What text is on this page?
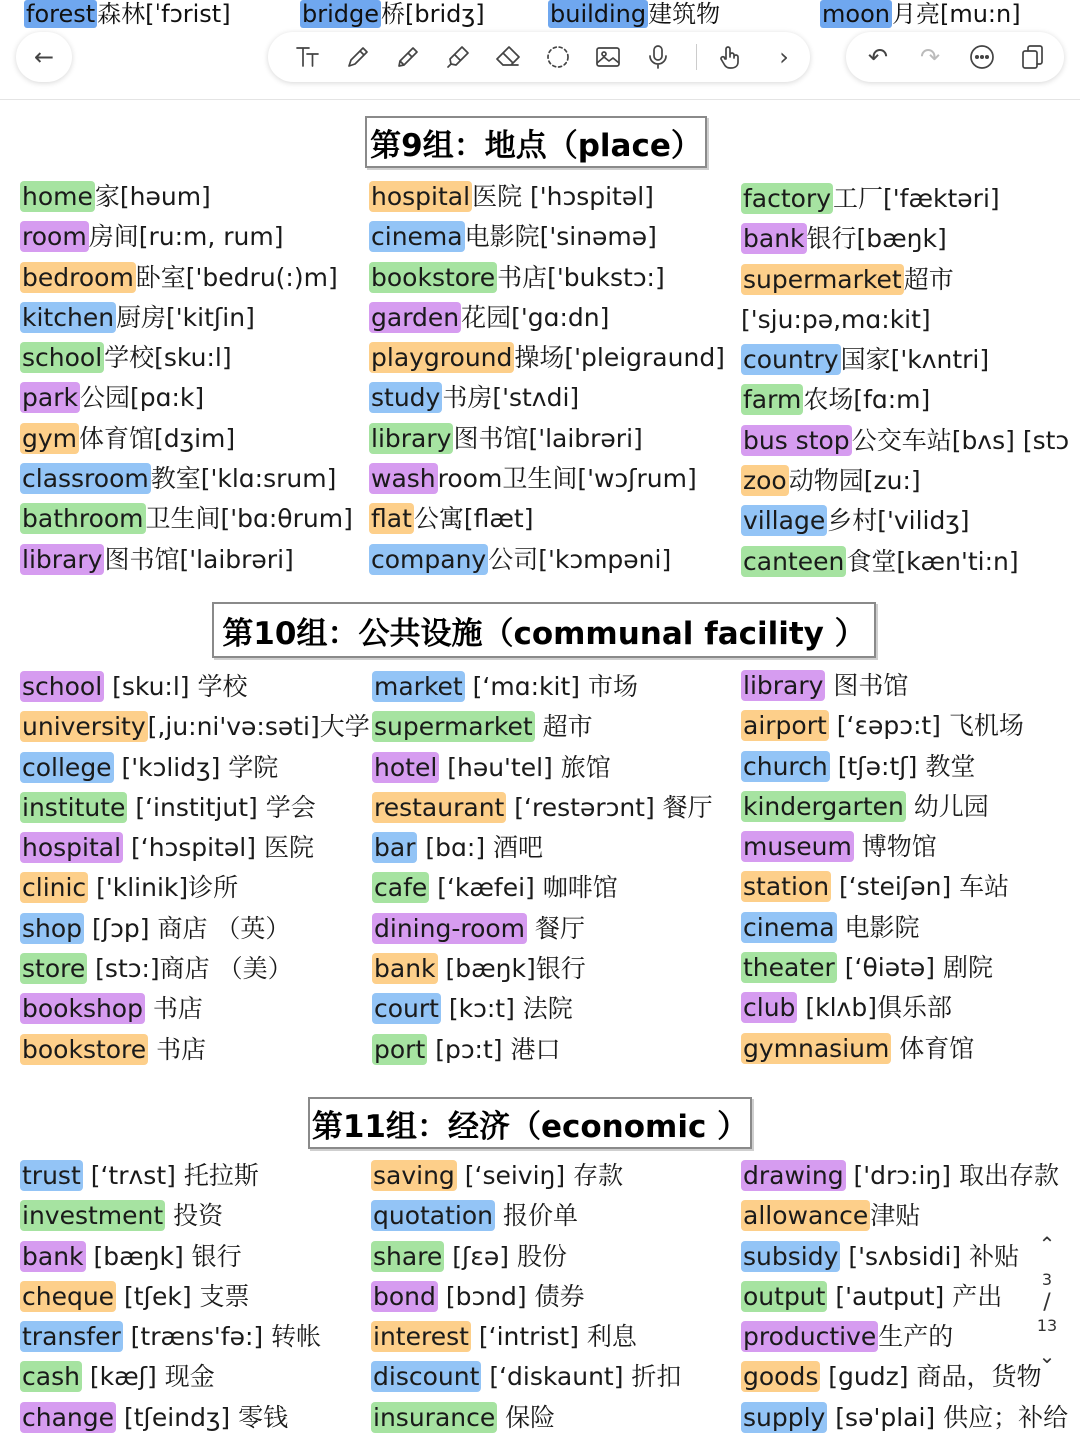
forest森林[ˈfɔrist]	bridge桥[bridʒ]	building建筑物	moon月亮[mu:n]
←	›	↶	↷
第9组：地点（place）
home家[həum]
room房间[ru:m, rum]
bedroom卧室['bedru(:)m]
kitchen厨房['kitʃin]
school学校[sku:l]
park公园[pɑ:k]
gym体育馆[dʒim]
classroom教室['klɑ:srum]
bathroom卫生间['bɑ:θrum]
library图书馆['laibrəri]
hospital医院 ['hɔspitəl]
cinema电影院['sinəmə]
bookstore书店['bukstɔ:]
garden花园['gɑ:dn]
playground操场['pleigraund]
study书房['stʌdi]
library图书馆['laibrəri]
washroom卫生间['wɔʃrum]
flat公寓[flæt]
company公司['kɔmpəni]
factory工厂['fæktəri]
bank银行[bæŋk]
supermarket超市
['sju:pə,mɑ:kit]
country国家['kʌntri]
farm农场[fɑ:m]
bus stop公交车站[bʌs] [stɔ
zoo动物园[zu:]
village乡村['vilidʒ]
canteen食堂[kæn'ti:n]
第10组：公共设施（communal facility ）
school [sku:l] 学校
university[,ju:ni'və:səti]大学
college ['kɔlidʒ] 学院
institute [‘institjut] 学会
hospital [‘hɔspitəl] 医院
clinic ['klinik]诊所
shop [ʃɔp] 商店 （英）
store [stɔ:]商店 （美）
bookshop 书店
bookstore 书店
market [‘mɑ:kit] 市场
supermarket 超市
hotel [həu'tel] 旅馆
restaurant [‘restərɔnt] 餐厅
bar [bɑ:] 酒吧
cafe [‘kæfei] 咖啡馆
dining-room 餐厅
bank [bæŋk]银行
court [kɔ:t] 法院
port [pɔ:t] 港口
library 图书馆
airport [‘ɛəpɔ:t] 飞机场
church [tʃə:tʃ] 教堂
kindergarten 幼儿园
museum 博物馆
station [‘steiʃən] 车站
cinema 电影院
theater [‘θiətə] 剧院
club [klʌb]俱乐部
gymnasium 体育馆
第11组：经济（economic ）
trust [‘trʌst] 托拉斯
investment 投资
bank [bæŋk] 银行
cheque [tʃek] 支票
transfer [træns'fə:] 转帐
cash [kæʃ] 现金
change [tʃeindʒ] 零钱
saving [‘seiviŋ] 存款
quotation 报价单
share [ʃɛə] 股份
bond [bɔnd] 债券
interest [‘intrist] 利息
discount [‘diskaunt] 折扣
insurance 保险
drawing ['drɔ:iŋ] 取出存款
allowance津贴
subsidy ['sʌbsidi] 补贴
output ['autput] 产出
productive生产的
goods [gudz] 商品，货物
supply [sə'plai] 供应；补给
⌃
3
/
13
⌄
